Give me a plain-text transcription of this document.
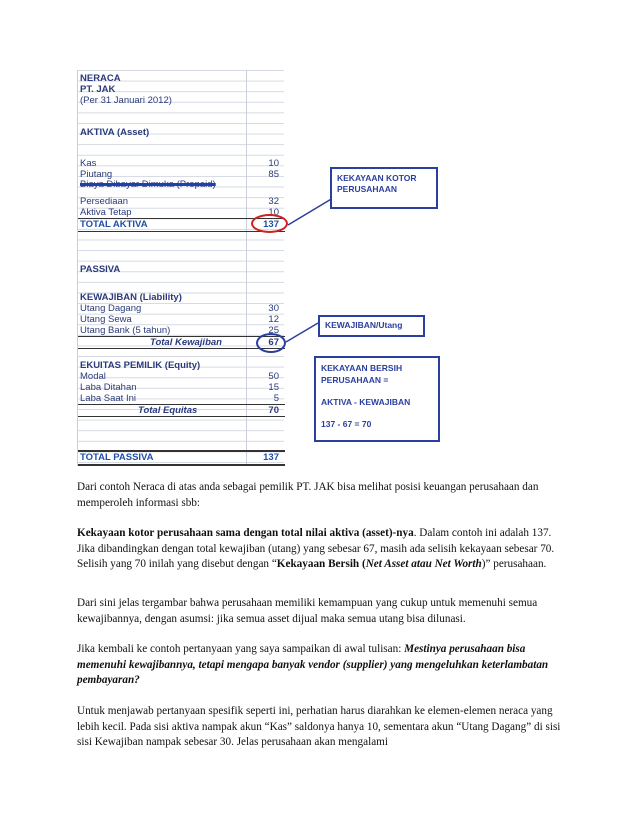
NERACA
PT. JAK
(Per 31 Januari 2012)
AKTIVA (Asset)
Kas	10
Piutang	85
Biaya Dibayar Dimuka (Prepaid)
Persediaan	32
Aktiva Tetap	10
TOTAL AKTIVA	137
PASSIVA
KEWAJIBAN (Liability)
Utang Dagang	30
Utang Sewa	12
Utang Bank (5 tahun)	25
Total Kewajiban	67
EKUITAS PEMILIK (Equity)
Modal	50
Laba Ditahan	15
Laba Saat Ini	5
Total Equitas	70
TOTAL PASSIVA	137
KEKAYAAN KOTOR
PERUSAHAAN
KEWAJIBAN/Utang
KEKAYAAN BERSIH
PERUSAHAAN =
AKTIVA - KEWAJIBAN
137 - 67 = 70

Dari contoh Neraca di atas anda sebagai pemilik PT. JAK bisa melihat posisi keuangan perusahaan dan memperoleh informasi sbb:

Kekayaan kotor perusahaan sama dengan total nilai aktiva (asset)-nya. Dalam contoh ini adalah 137. Jika dibandingkan dengan total kewajiban (utang) yang sebesar 67, masih ada selisih kekayaan sebesar 70. Selisih yang 70 inilah yang disebut dengan “Kekayaan Bersih (Net Asset atau Net Worth)” perusahaan.

Dari sini jelas tergambar bahwa perusahaan memiliki kemampuan yang cukup untuk memenuhi semua kewajibannya, dengan asumsi: jika semua asset dijual maka semua utang bisa dilunasi.

Jika kembali ke contoh pertanyaan yang saya sampaikan di awal tulisan: Mestinya perusahaan bisa memenuhi kewajibannya, tetapi mengapa banyak vendor (supplier) yang mengeluhkan keterlambatan pembayaran?

Untuk menjawab pertanyaan spesifik seperti ini, perhatian harus diarahkan ke elemen-elemen neraca yang lebih kecil. Pada sisi aktiva nampak akun “Kas” saldonya hanya 10, sementara akun “Utang Dagang” di sisi sisi Kewajiban nampak sebesar 30. Jelas perusahaan akan mengalami
